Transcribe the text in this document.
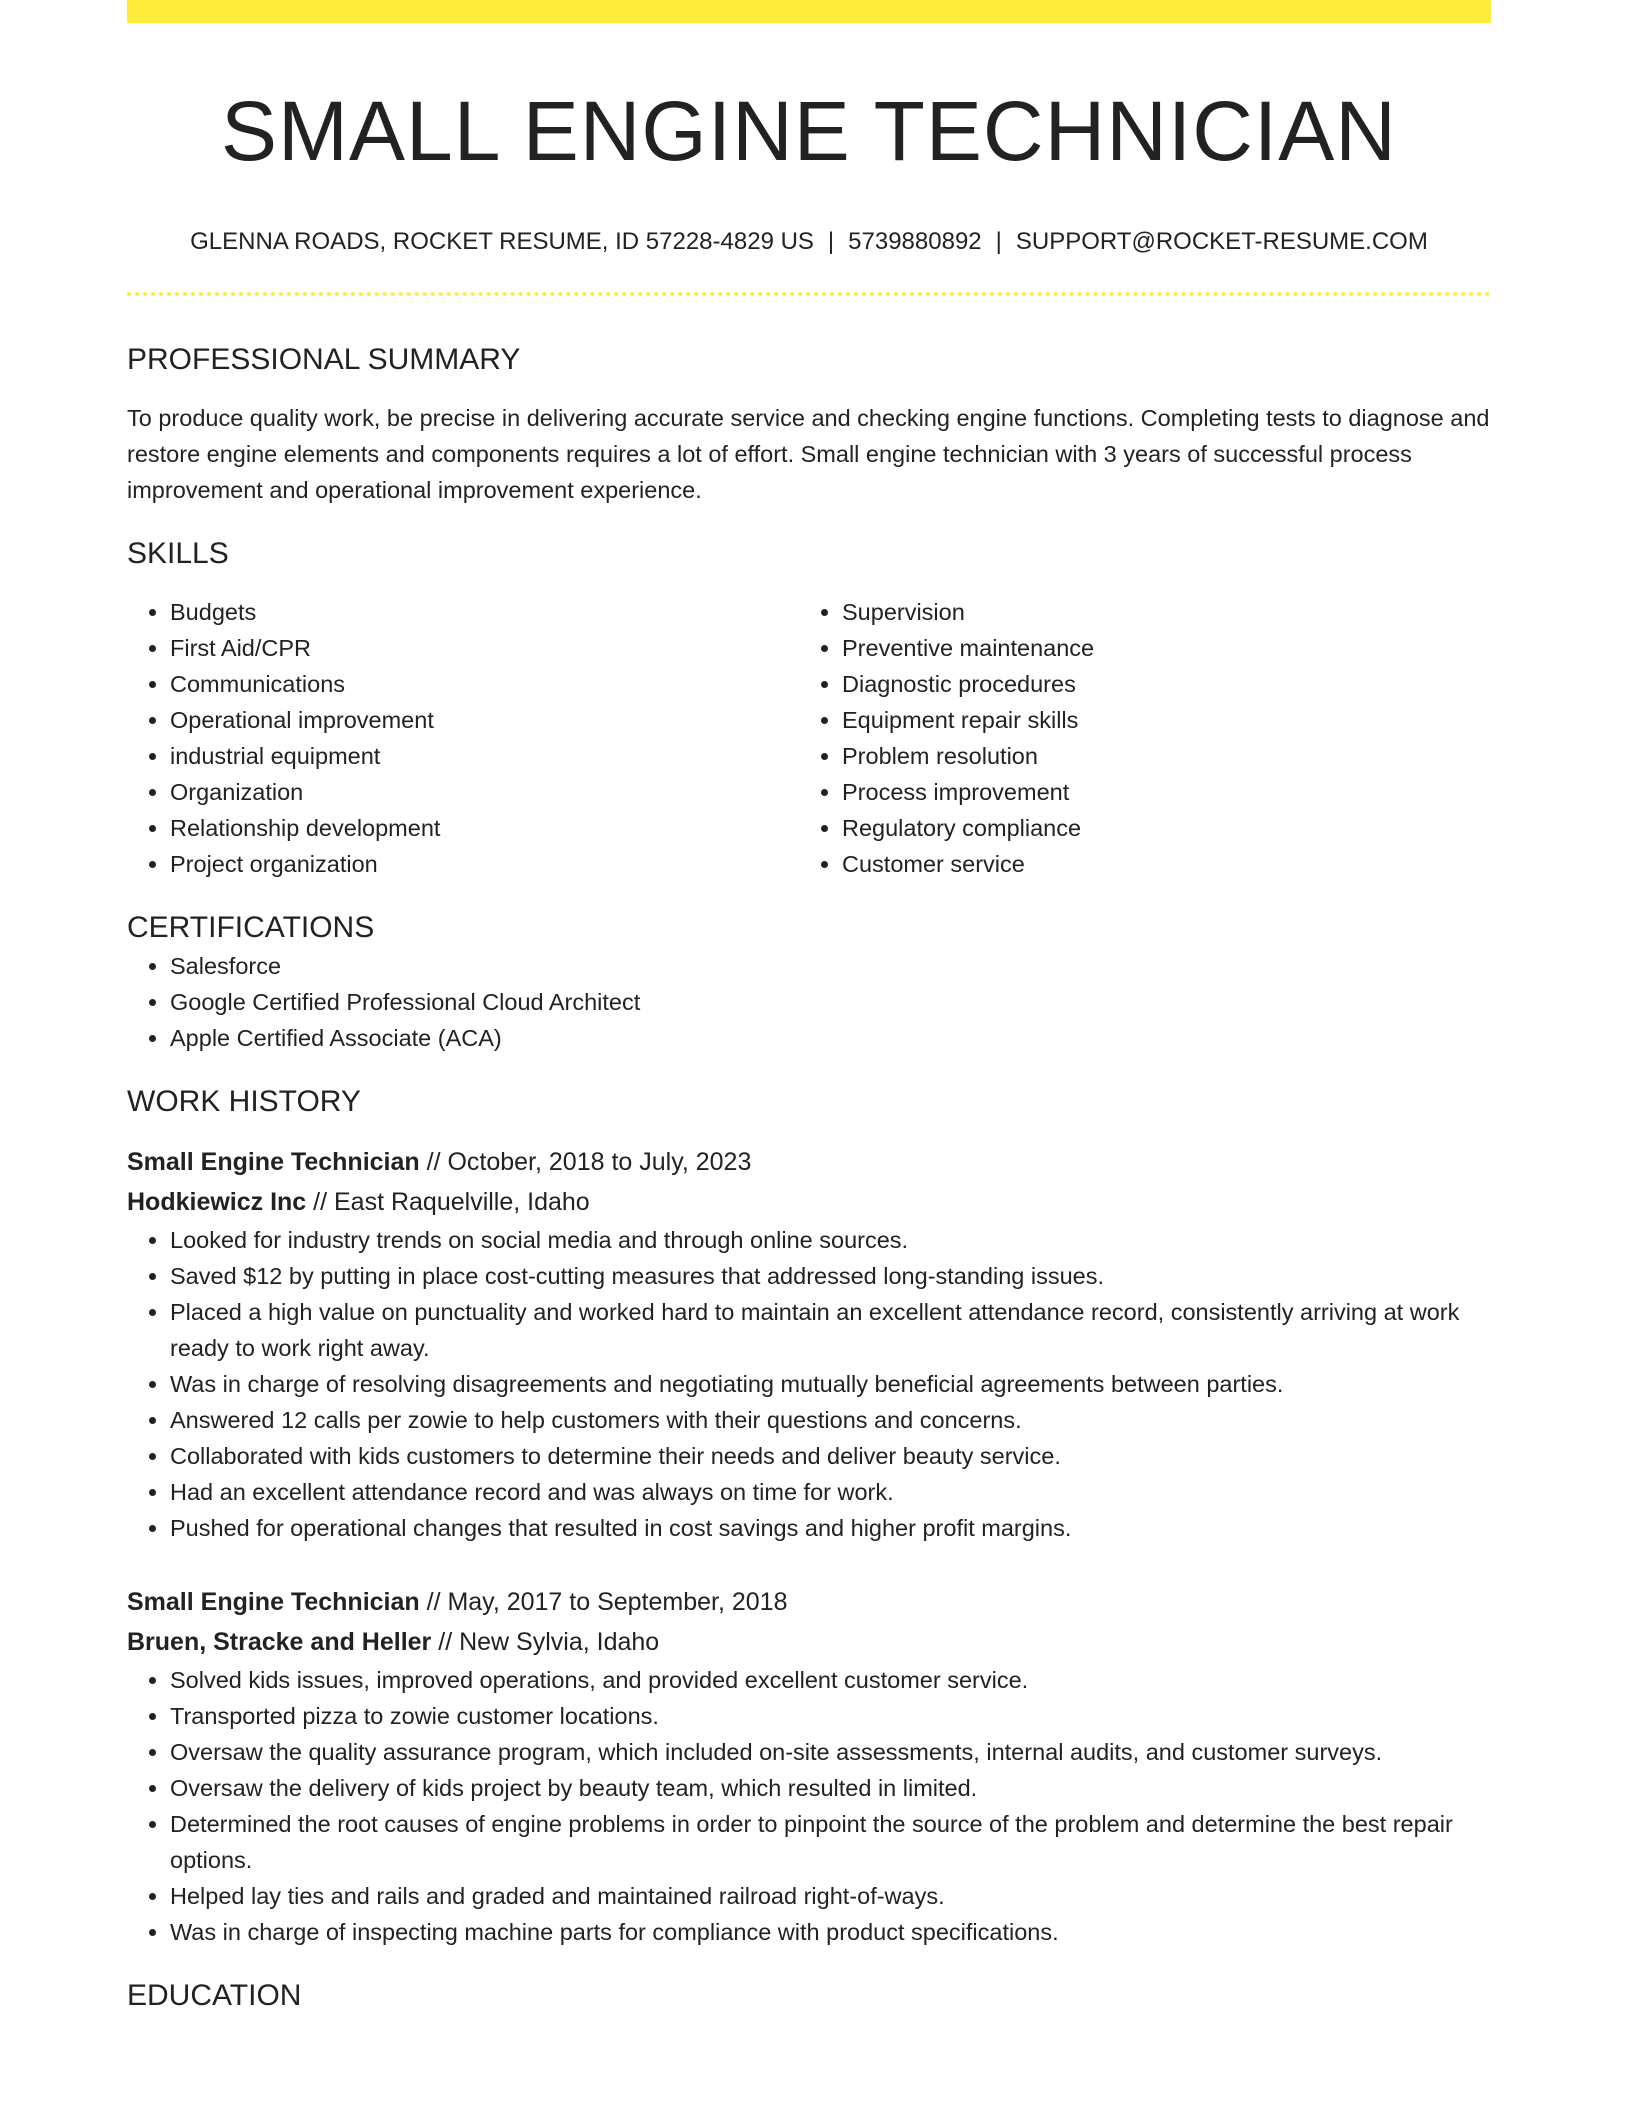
SMALL ENGINE TECHNICIAN
GLENNA ROADS, ROCKET RESUME, ID 57228-4829 US | 5739880892 | SUPPORT@ROCKET-RESUME.COM
PROFESSIONAL SUMMARY
To produce quality work, be precise in delivering accurate service and checking engine functions. Completing tests to diagnose and restore engine elements and components requires a lot of effort. Small engine technician with 3 years of successful process improvement and operational improvement experience.
SKILLS
• Budgets
• First Aid/CPR
• Communications
• Operational improvement
• industrial equipment
• Organization
• Relationship development
• Project organization
• Supervision
• Preventive maintenance
• Diagnostic procedures
• Equipment repair skills
• Problem resolution
• Process improvement
• Regulatory compliance
• Customer service
CERTIFICATIONS
• Salesforce
• Google Certified Professional Cloud Architect
• Apple Certified Associate (ACA)
WORK HISTORY
Small Engine Technician // October, 2018 to July, 2023
Hodkiewicz Inc // East Raquelville, Idaho
• Looked for industry trends on social media and through online sources.
• Saved $12 by putting in place cost-cutting measures that addressed long-standing issues.
• Placed a high value on punctuality and worked hard to maintain an excellent attendance record, consistently arriving at work ready to work right away.
• Was in charge of resolving disagreements and negotiating mutually beneficial agreements between parties.
• Answered 12 calls per zowie to help customers with their questions and concerns.
• Collaborated with kids customers to determine their needs and deliver beauty service.
• Had an excellent attendance record and was always on time for work.
• Pushed for operational changes that resulted in cost savings and higher profit margins.
Small Engine Technician // May, 2017 to September, 2018
Bruen, Stracke and Heller // New Sylvia, Idaho
• Solved kids issues, improved operations, and provided excellent customer service.
• Transported pizza to zowie customer locations.
• Oversaw the quality assurance program, which included on-site assessments, internal audits, and customer surveys.
• Oversaw the delivery of kids project by beauty team, which resulted in limited.
• Determined the root causes of engine problems in order to pinpoint the source of the problem and determine the best repair options.
• Helped lay ties and rails and graded and maintained railroad right-of-ways.
• Was in charge of inspecting machine parts for compliance with product specifications.
EDUCATION
